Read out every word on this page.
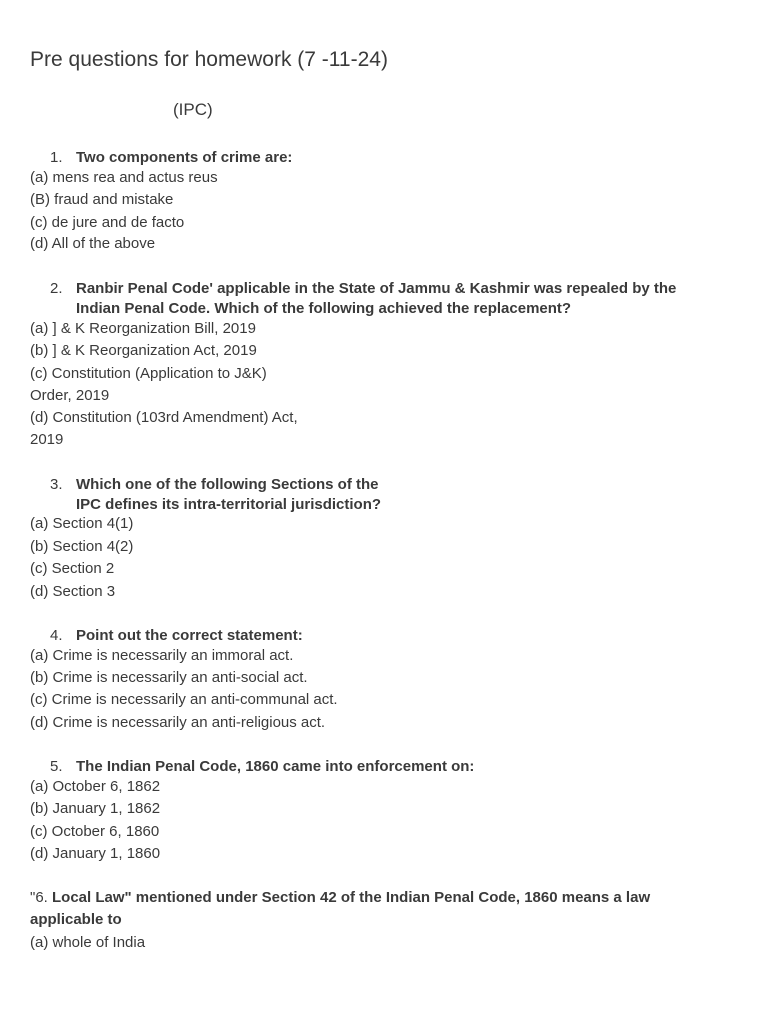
Pre questions for homework (7 -11-24)
(IPC)
1. Two components of crime are:
(a) mens rea and actus reus
(B) fraud and mistake
(c) de jure and de facto
(d) All of the above
2. Ranbir Penal Code' applicable in the State of Jammu & Kashmir was repealed by the
Indian Penal Code. Which of the following achieved the replacement?
(a) ] & K Reorganization Bill, 2019
(b) ] & K Reorganization Act, 2019
(c) Constitution (Application to J&K)
Order, 2019
(d) Constitution (103rd Amendment) Act,
2019
3. Which one of the following Sections of the
IPC defines its intra-territorial jurisdiction?
(a) Section 4(1)
(b) Section 4(2)
(c) Section 2
(d) Section 3
4. Point out the correct statement:
(a) Crime is necessarily an immoral act.
(b) Crime is necessarily an anti-social act.
(c) Crime is necessarily an anti-communal act.
(d) Crime is necessarily an anti-religious act.
5. The Indian Penal Code, 1860 came into enforcement on:
(a) October 6, 1862
(b) January 1, 1862
(c) October 6, 1860
(d) January 1, 1860
"6. Local Law" mentioned under Section 42 of the Indian Penal Code, 1860 means a law
applicable to
(a) whole of India
